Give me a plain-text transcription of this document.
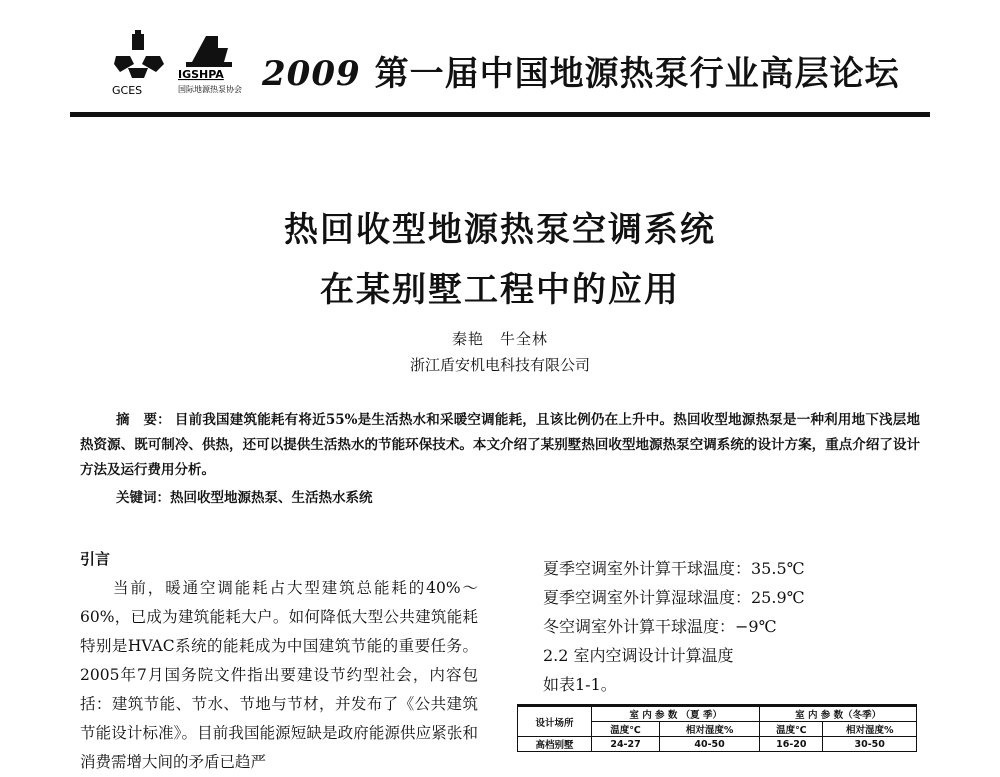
GCES
IGSHPA
国际地源热泵协会 2009 第一届中国地源热泵行业高层论坛
热回收型地源热泵空调系统
在某别墅工程中的应用
秦艳　牛全林
浙江盾安机电科技有限公司
摘　要： 目前我国建筑能耗有将近55%是生活热水和采暖空调能耗，且该比例仍在上升中。热回收型地源热泵是一种利用地下浅层地热资源、既可制冷、供热，还可以提供生活热水的节能环保技术。本文介绍了某别墅热回收型地源热泵空调系统的设计方案，重点介绍了设计方法及运行费用分析。
关键词：热回收型地源热泵、生活热水系统
引言
当前，暖通空调能耗占大型建筑总能耗的40%～60%，已成为建筑能耗大户。如何降低大型公共建筑能耗特别是HVAC系统的能耗成为中国建筑节能的重要任务。2005年7月国务院文件指出要建设节约型社会，内容包括：建筑节能、节水、节地与节材，并发布了《公共建筑节能设计标准》。目前我国能源短缺是政府能源供应紧张和消费需增大间的矛盾已趋严
夏季空调室外计算干球温度：35.5℃
夏季空调室外计算湿球温度：25.9℃
冬空调室外计算干球温度：−9℃
2.2 室内空调设计计算温度
如表1-1。
设计场所	室 内 参 数 （夏 季）		室 内 参 数（冬季）	
	温度℃	相对湿度%	温度℃	相对湿度%
高档别墅	24-27	40-50	16-20	30-50
